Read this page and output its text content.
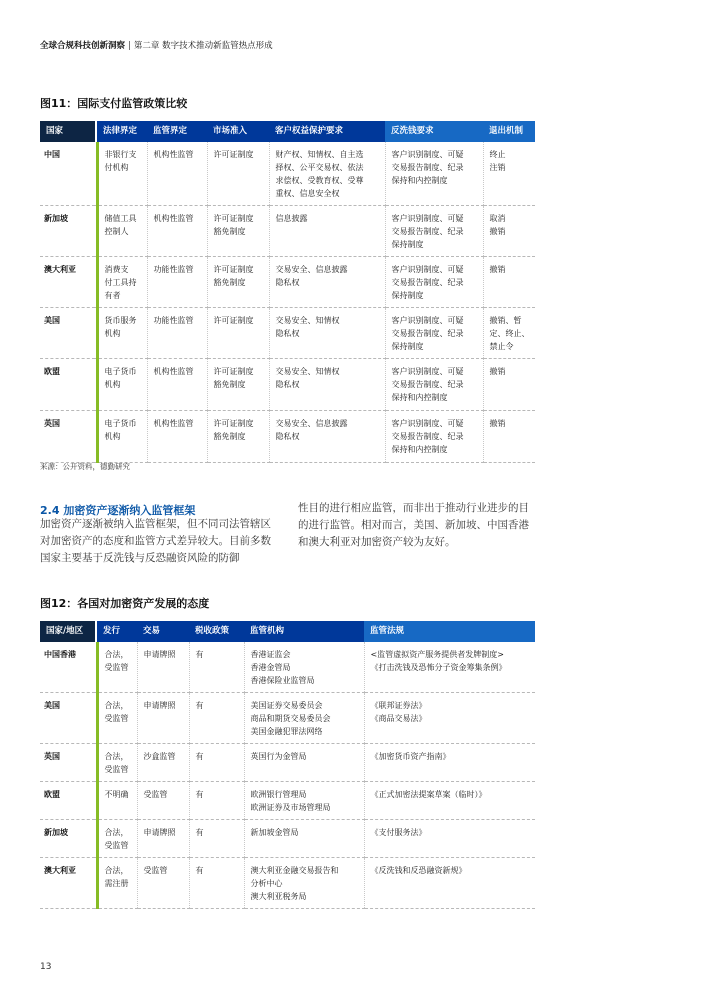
全球合规科技创新洞察 | 第二章 数字技术推动新监管热点形成
图11：国际支付监管政策比较
国家		法律界定	监管界定	市场准入	客户权益保护要求	反洗钱要求	退出机制
中国		非银行支
付机构	机构性监管	许可证制度	财产权、知情权、自主选
择权、公平交易权、依法
求偿权、受教育权、受尊
重权、信息安全权	客户识别制度、可疑
交易报告制度、纪录
保持和内控制度	终止
注销
新加坡		储值工具
控制人	机构性监管	许可证制度
豁免制度	信息披露	客户识别制度、可疑
交易报告制度、纪录
保持制度	取消
撤销
澳大利亚		消费支
付工具持
有者	功能性监管	许可证制度
豁免制度	交易安全、信息披露
隐私权	客户识别制度、可疑
交易报告制度、纪录
保持制度	撤销
美国		货币服务
机构	功能性监管	许可证制度	交易安全、知情权
隐私权	客户识别制度、可疑
交易报告制度、纪录
保持制度	撤销、暂
定、终止、
禁止令
欧盟		电子货币
机构	机构性监管	许可证制度
豁免制度	交易安全、知情权
隐私权	客户识别制度、可疑
交易报告制度、纪录
保持和内控制度	撤销
英国		电子货币
机构	机构性监管	许可证制度
豁免制度	交易安全、信息披露
隐私权	客户识别制度、可疑
交易报告制度、纪录
保持和内控制度	撤销
来源：公开资料，德勤研究
2.4 加密资产逐渐纳入监管框架
加密资产逐渐被纳入监管框架，但不同司法管辖区对加密资产的态度和监管方式差异较大。目前多数国家主要基于反洗钱与反恐融资风险的防御
性目的进行相应监管，而非出于推动行业进步的目的进行监管。相对而言，美国、新加坡、中国香港和澳大利亚对加密资产较为友好。
图12：各国对加密资产发展的态度
国家/地区		发行	交易	税收政策	监管机构	监管法规
中国香港		合法，
受监管	申请牌照	有	香港证监会
香港金管局
香港保险业监管局	<监管虚拟资产服务提供者发牌制度>
《打击洗钱及恐怖分子资金筹集条例》
美国		合法，
受监管	申请牌照	有	美国证券交易委员会
商品和期货交易委员会
美国金融犯罪法网络	《联邦证券法》
《商品交易法》
英国		合法，
受监管	沙盒监管	有	英国行为金管局	《加密货币资产指南》
欧盟		不明确	受监管	有	欧洲银行管理局
欧洲证券及市场管理局	《正式加密法提案草案（临时）》
新加坡		合法，
受监管	申请牌照	有	新加坡金管局	《支付服务法》
澳大利亚		合法，
需注册	受监管	有	澳大利亚金融交易报告和
分析中心
澳大利亚税务局	《反洗钱和反恐融资新规》
13
